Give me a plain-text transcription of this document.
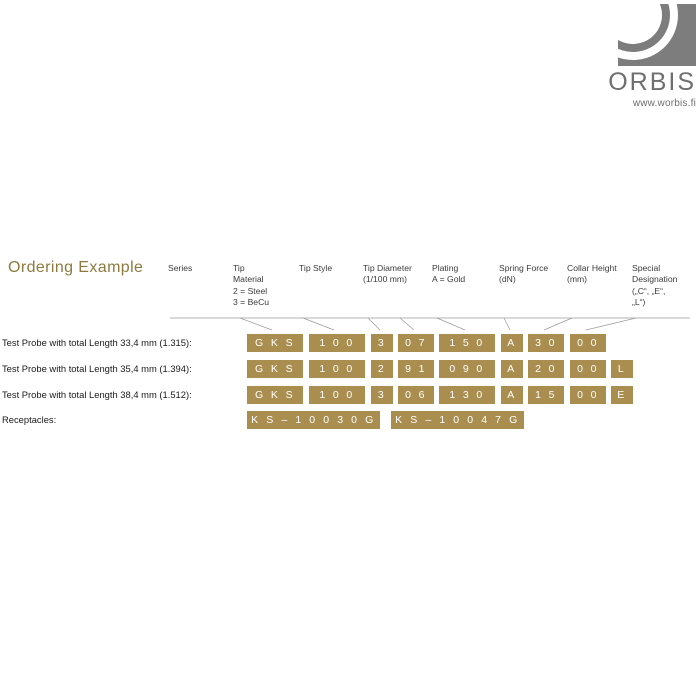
ORBIS
www.worbis.fi
Ordering Example	Series	Tip
Material
2 = Steel
3 = BeCu
Tip Style	Tip Diameter
(1/100 mm)
Plating
A = Gold
Spring Force
(dN)
Collar Height
(mm)
Special
Designation
(„C“, „E“,
„L“)
Test Probe with total Length 33,4 mm (1.315):	G K S	1 0 0	3	0 7	1 5 0	A	3 0	0 0
Test Probe with total Length 35,4 mm (1.394):	G K S	1 0 0	2	9 1	0 9 0	A	2 0	0 0	L
Test Probe with total Length 38,4 mm (1.512):	G K S	1 0 0	3	0 6	1 3 0	A	1 5	0 0	E
Receptacles:	K S – 1 0 0 3 0 G	K S – 1 0 0 4 7 G
